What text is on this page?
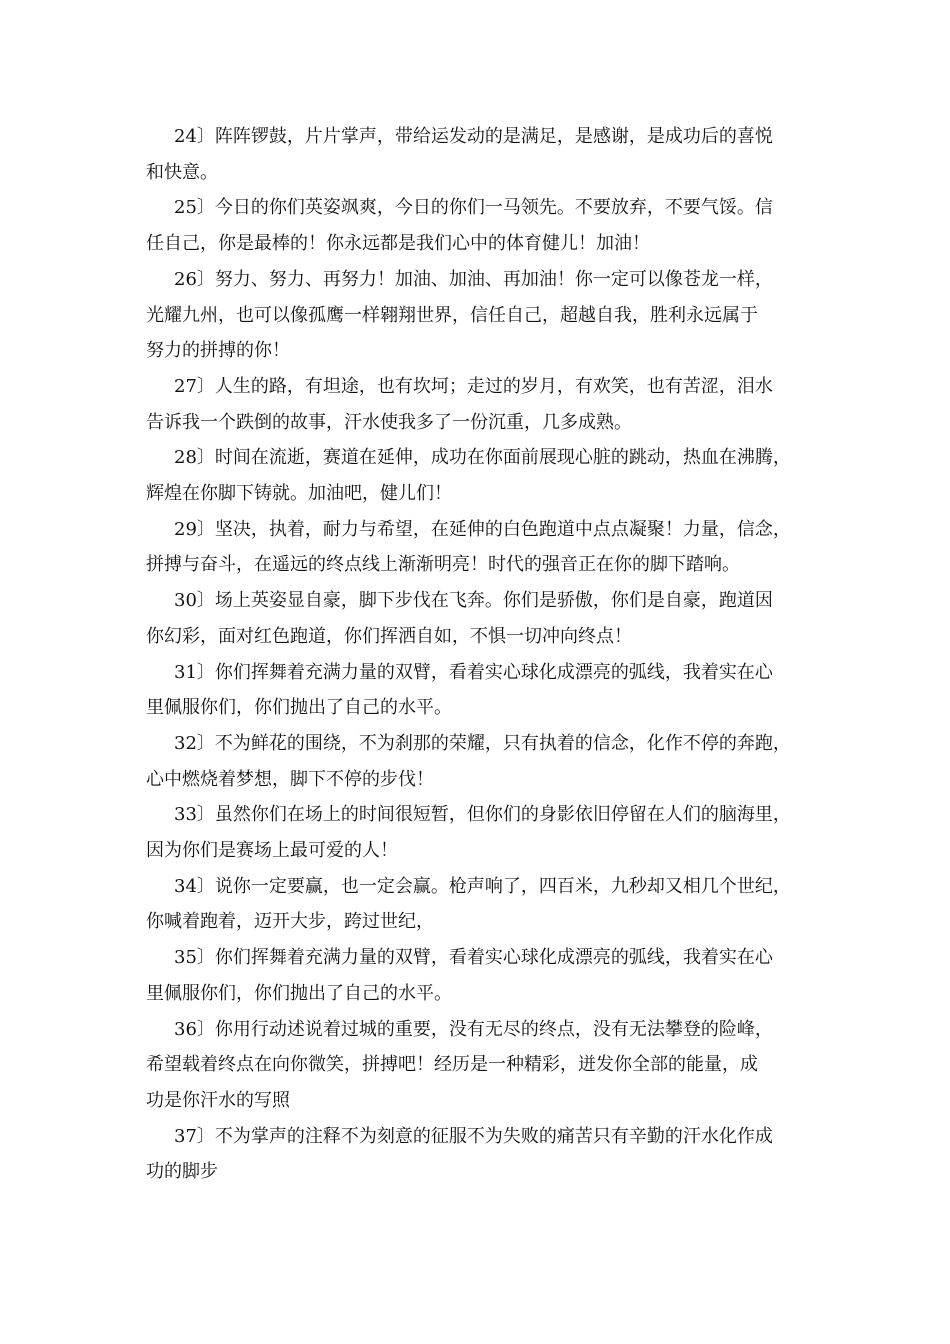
24〕阵阵锣鼓，片片掌声，带给运发动的是满足，是感谢，是成功后的喜悦
和快意。

25〕今日的你们英姿飒爽，今日的你们一马领先。不要放弃，不要气馁。信
任自己，你是最棒的！你永远都是我们心中的体育健儿！加油！

26〕努力、努力、再努力！加油、加油、再加油！你一定可以像苍龙一样，
光耀九州，也可以像孤鹰一样翱翔世界，信任自己，超越自我，胜利永远属于
努力的拼搏的你！

27〕人生的路，有坦途，也有坎坷；走过的岁月，有欢笑，也有苦涩，泪水
告诉我一个跌倒的故事，汗水使我多了一份沉重，几多成熟。

28〕时间在流逝，赛道在延伸，成功在你面前展现心脏的跳动，热血在沸腾，
辉煌在你脚下铸就。加油吧，健儿们！

29〕坚决，执着，耐力与希望，在延伸的白色跑道中点点凝聚！力量，信念，
拼搏与奋斗，在遥远的终点线上渐渐明亮！时代的强音正在你的脚下踏响。

30〕场上英姿显自豪，脚下步伐在飞奔。你们是骄傲，你们是自豪，跑道因
你幻彩，面对红色跑道，你们挥洒自如，不惧一切冲向终点！

31〕你们挥舞着充满力量的双臂，看着实心球化成漂亮的弧线，我着实在心
里佩服你们，你们抛出了自己的水平。

32〕不为鲜花的围绕，不为刹那的荣耀，只有执着的信念，化作不停的奔跑，
心中燃烧着梦想，脚下不停的步伐！

33〕虽然你们在场上的时间很短暂，但你们的身影依旧停留在人们的脑海里，
因为你们是赛场上最可爱的人！

34〕说你一定要赢，也一定会赢。枪声响了，四百米，九秒却又相几个世纪，
你喊着跑着，迈开大步，跨过世纪，

35〕你们挥舞着充满力量的双臂，看着实心球化成漂亮的弧线，我着实在心
里佩服你们，你们抛出了自己的水平。

36〕你用行动述说着过城的重要，没有无尽的终点，没有无法攀登的险峰，
希望载着终点在向你微笑，拼搏吧！经历是一种精彩，迸发你全部的能量，成
功是你汗水的写照

37〕不为掌声的注释不为刻意的征服不为失败的痛苦只有辛勤的汗水化作成
功的脚步
